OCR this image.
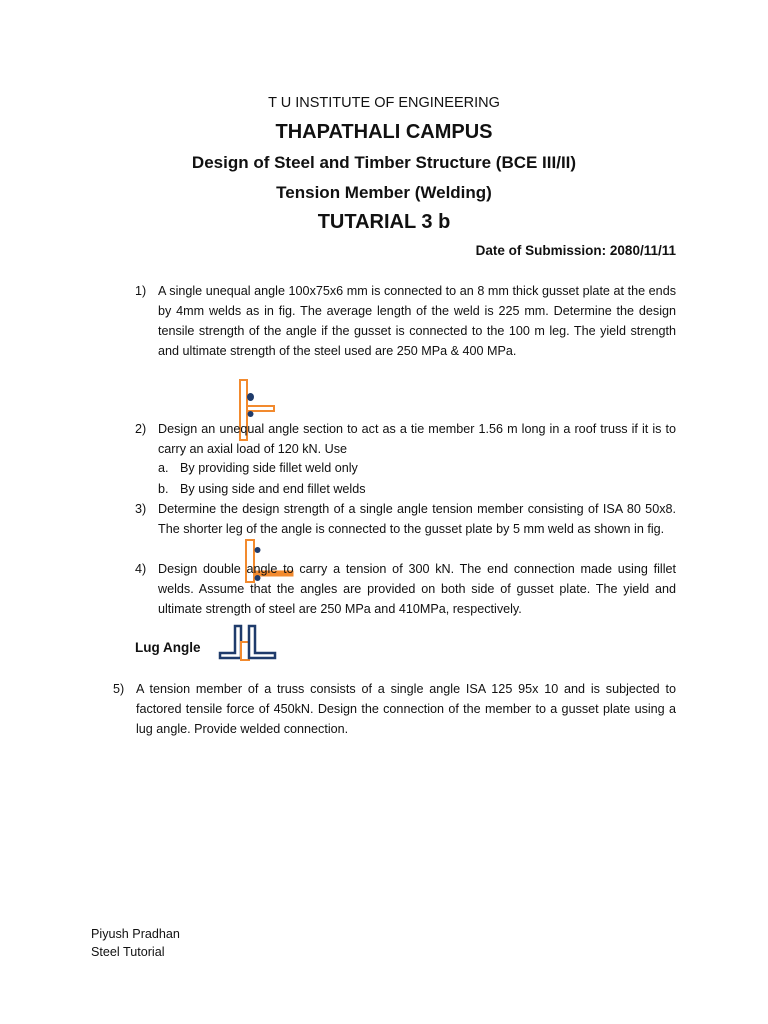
T U INSTITUTE OF ENGINEERING
THAPATHALI CAMPUS
Design of Steel and Timber Structure (BCE III/II)
Tension Member (Welding)
TUTARIAL 3 b
Date of Submission: 2080/11/11
1) A single unequal angle 100x75x6 mm is connected to an 8 mm thick gusset plate at the ends by 4mm welds as in fig. The average length of the weld is 225 mm. Determine the design tensile strength of the angle if the gusset is connected to the 100 m leg. The yield strength and ultimate strength of the steel used are 250 MPa & 400 MPa.
2) Design an unequal angle section to act as a tie member 1.56 m long in a roof truss if it is to carry an axial load of 120 kN. Use
a. By providing side fillet weld only
b. By using side and end fillet welds
3) Determine the design strength of a single angle tension member consisting of ISA 80 50x8. The shorter leg of the angle is connected to the gusset plate by 5 mm weld as shown in fig.
4) Design double angle to carry a tension of 300 kN. The end connection made using fillet welds. Assume that the angles are provided on both side of gusset plate. The yield and ultimate strength of steel are 250 MPa and 410MPa, respectively.
Lug Angle
5) A tension member of a truss consists of a single angle ISA 125 95x 10 and is subjected to factored tensile force of 450kN. Design the connection of the member to a gusset plate using a lug angle. Provide welded connection.
Piyush Pradhan
Steel Tutorial
